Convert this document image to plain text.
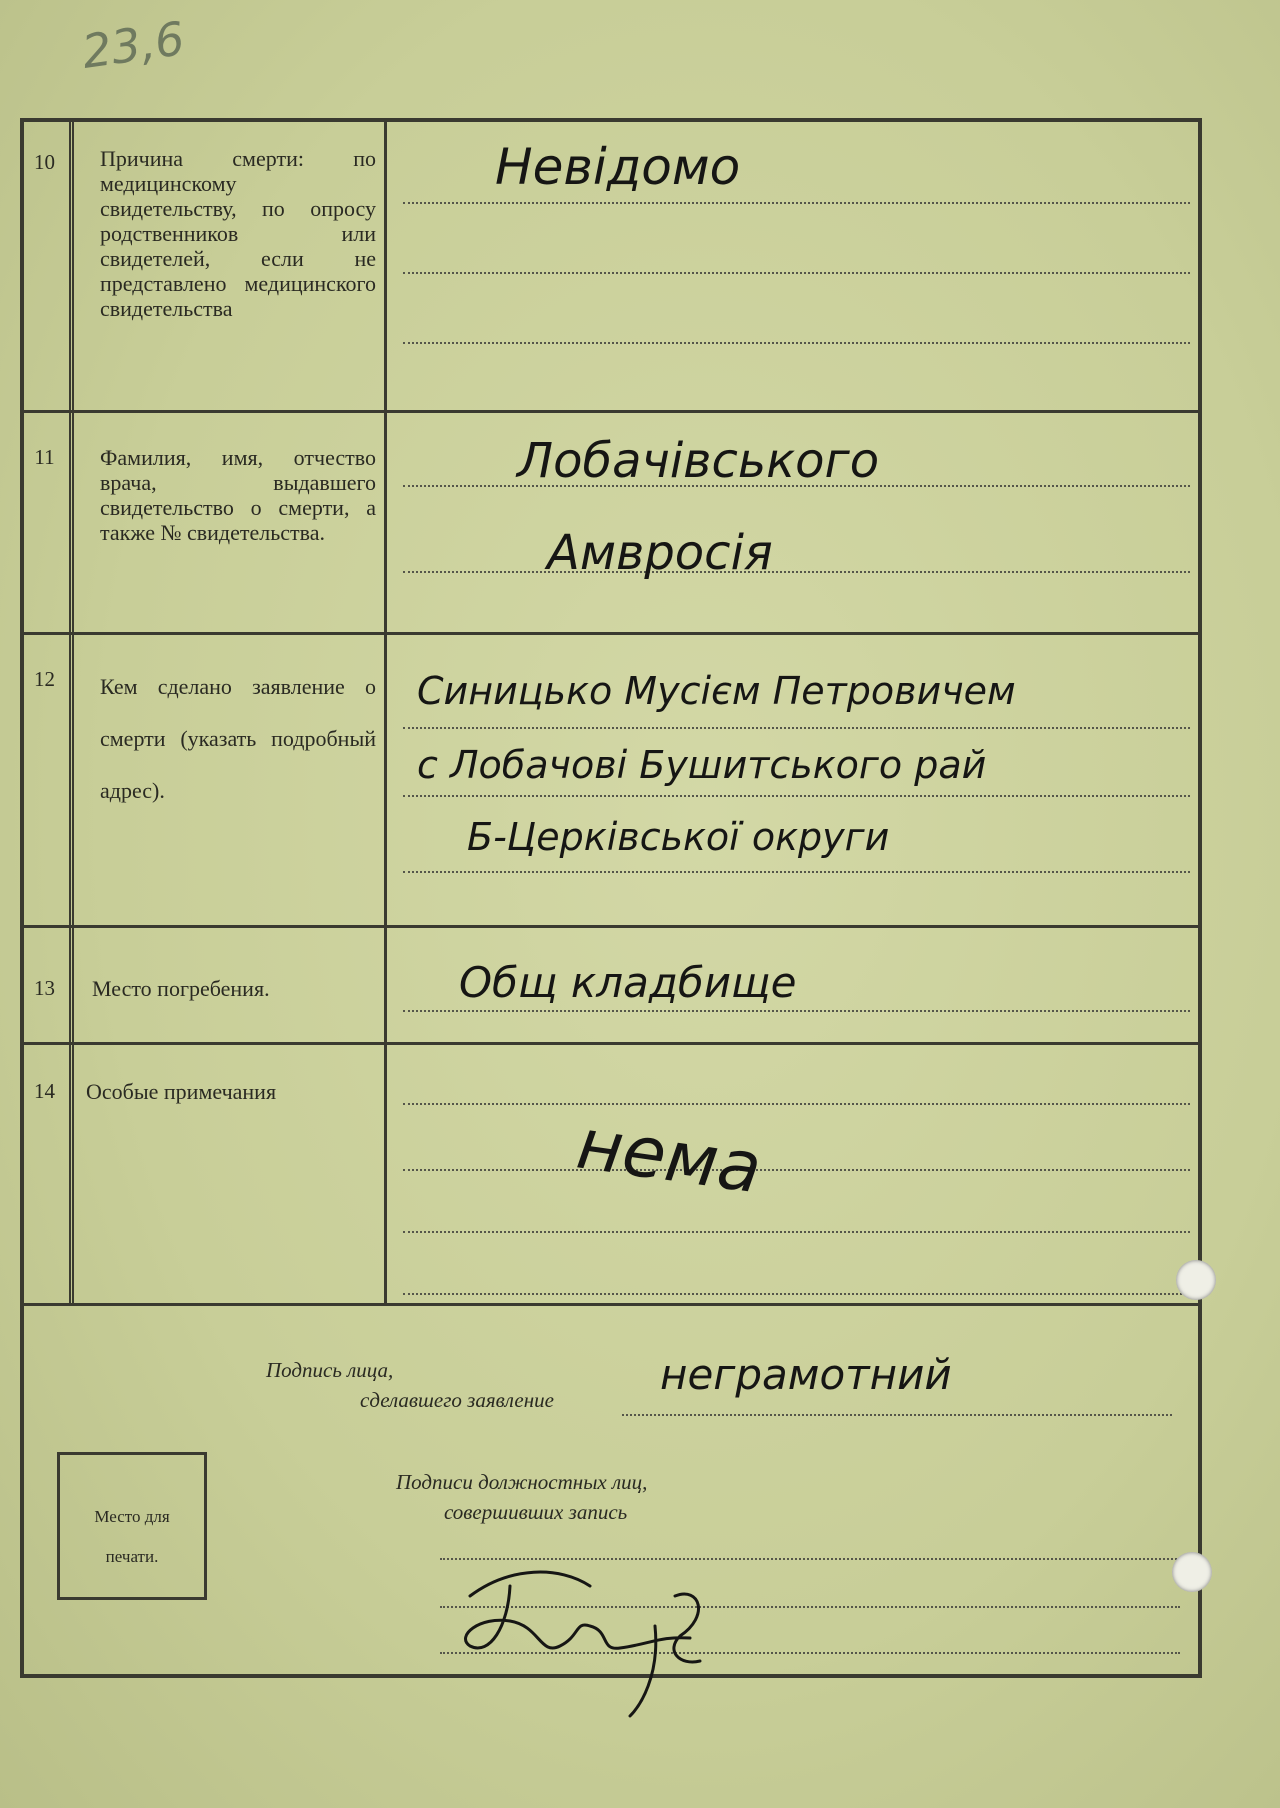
23,6
10	Причина смерти: по медицинскому свидетельству, по опросу родственников или свидетелей, если не представлено медицинского свидетельства
Невідомо
11	Фамилия, имя, отчество врача, выдавшего свидетельство о смерти, а также № свидетельства.
Лобачівського
Амвросія
12	Кем сделано заявление о смерти (указать подробный адрес).
Синицько Мусієм Петровичем
с Лобачові Бушитського рай
Б-Церківської округи
13	Место погребения.	Общ кладбище
14	Особые примечания
нема
Подпись лица,
сделавшего заявление
неграмотний
Место для
печати.
Подписи должностных лиц,
совершивших запись
